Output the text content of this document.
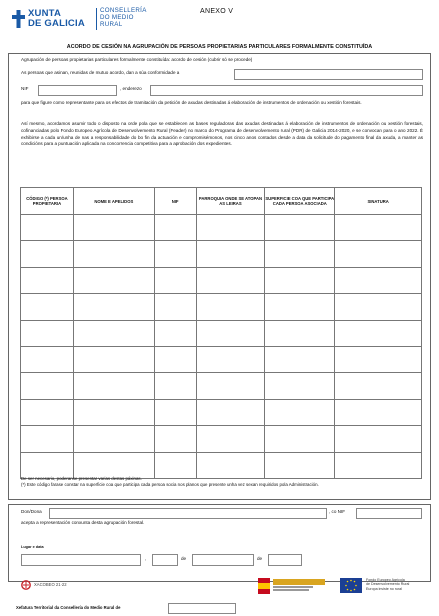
XUNTA
DE GALICIA
CONSELLERÍA
DO MEDIO
RURAL
ANEXO V
ACORDO DE CESIÓN NA AGRUPACIÓN DE PERSOAS PROPIETARIAS PARTICULARES FORMALMENTE CONSTITUÍDA
Agrupación de persoas propietarias particulares formalmente constituída: acordo de cesión (cubrir só se procede)
As persoas que asinan, reunidas de mutuo acordo, dan a súa conformidade a
NIF	, enderezo
para que figure como representante para os efectos de tramitación da petición de axudas destinadas á elaboración de instrumentos de ordenación ou xestión forestais.
Así mesmo, acordamos asumir todo o disposto na orde pola que se establecen as bases reguladoras das axudas destinadas á elaboración de instrumentos de ordenación ou xestión forestais, cofinanciadas polo Fondo Europeo Agrícola de Desenvolvemento Rural (Feader) no marco do Programa de desenvolvemento rural (PDR) de Galicia 2014-2020, e se convocan para o ano 2022. É exhibirse a cada un/unha de nas a responsabilidade do bo fin da actuación e compromisémonos, nos cinco anos contados desde a data da solicitude do pagamento final da axuda, a manter as condicións para a puntuación aplicada na concorrencia competitiva para a aprobación dos expedientes.
CÓDIGO (*) PERSOA PROPIETARIA	NOME E APELIDOS	NIF	PARROQUIA ONDE SE ATOPAN AS LEIRAS	SUPERFICIE COA QUE PARTICIPA CADA PERSOA ASOCIADA	SINATURA

De ser necesario, poderanse presentar varias destas páxinas.
(*) Este código farase constar na superficie coa que participa cada persoa socia nos planos que presente unha vez sexan requiridos pola Administración.
Don/Dona	, co NIF
acepta a representación conxunta desta agrupación forestal.
Lugar e data
,	de	de
XACOBEO 21·22
Fondo Europeo Agrícola
de Desenvolvemento Rural
Europa inviste no rural
Xefatura Territorial da Consellería do Medio Rural de
